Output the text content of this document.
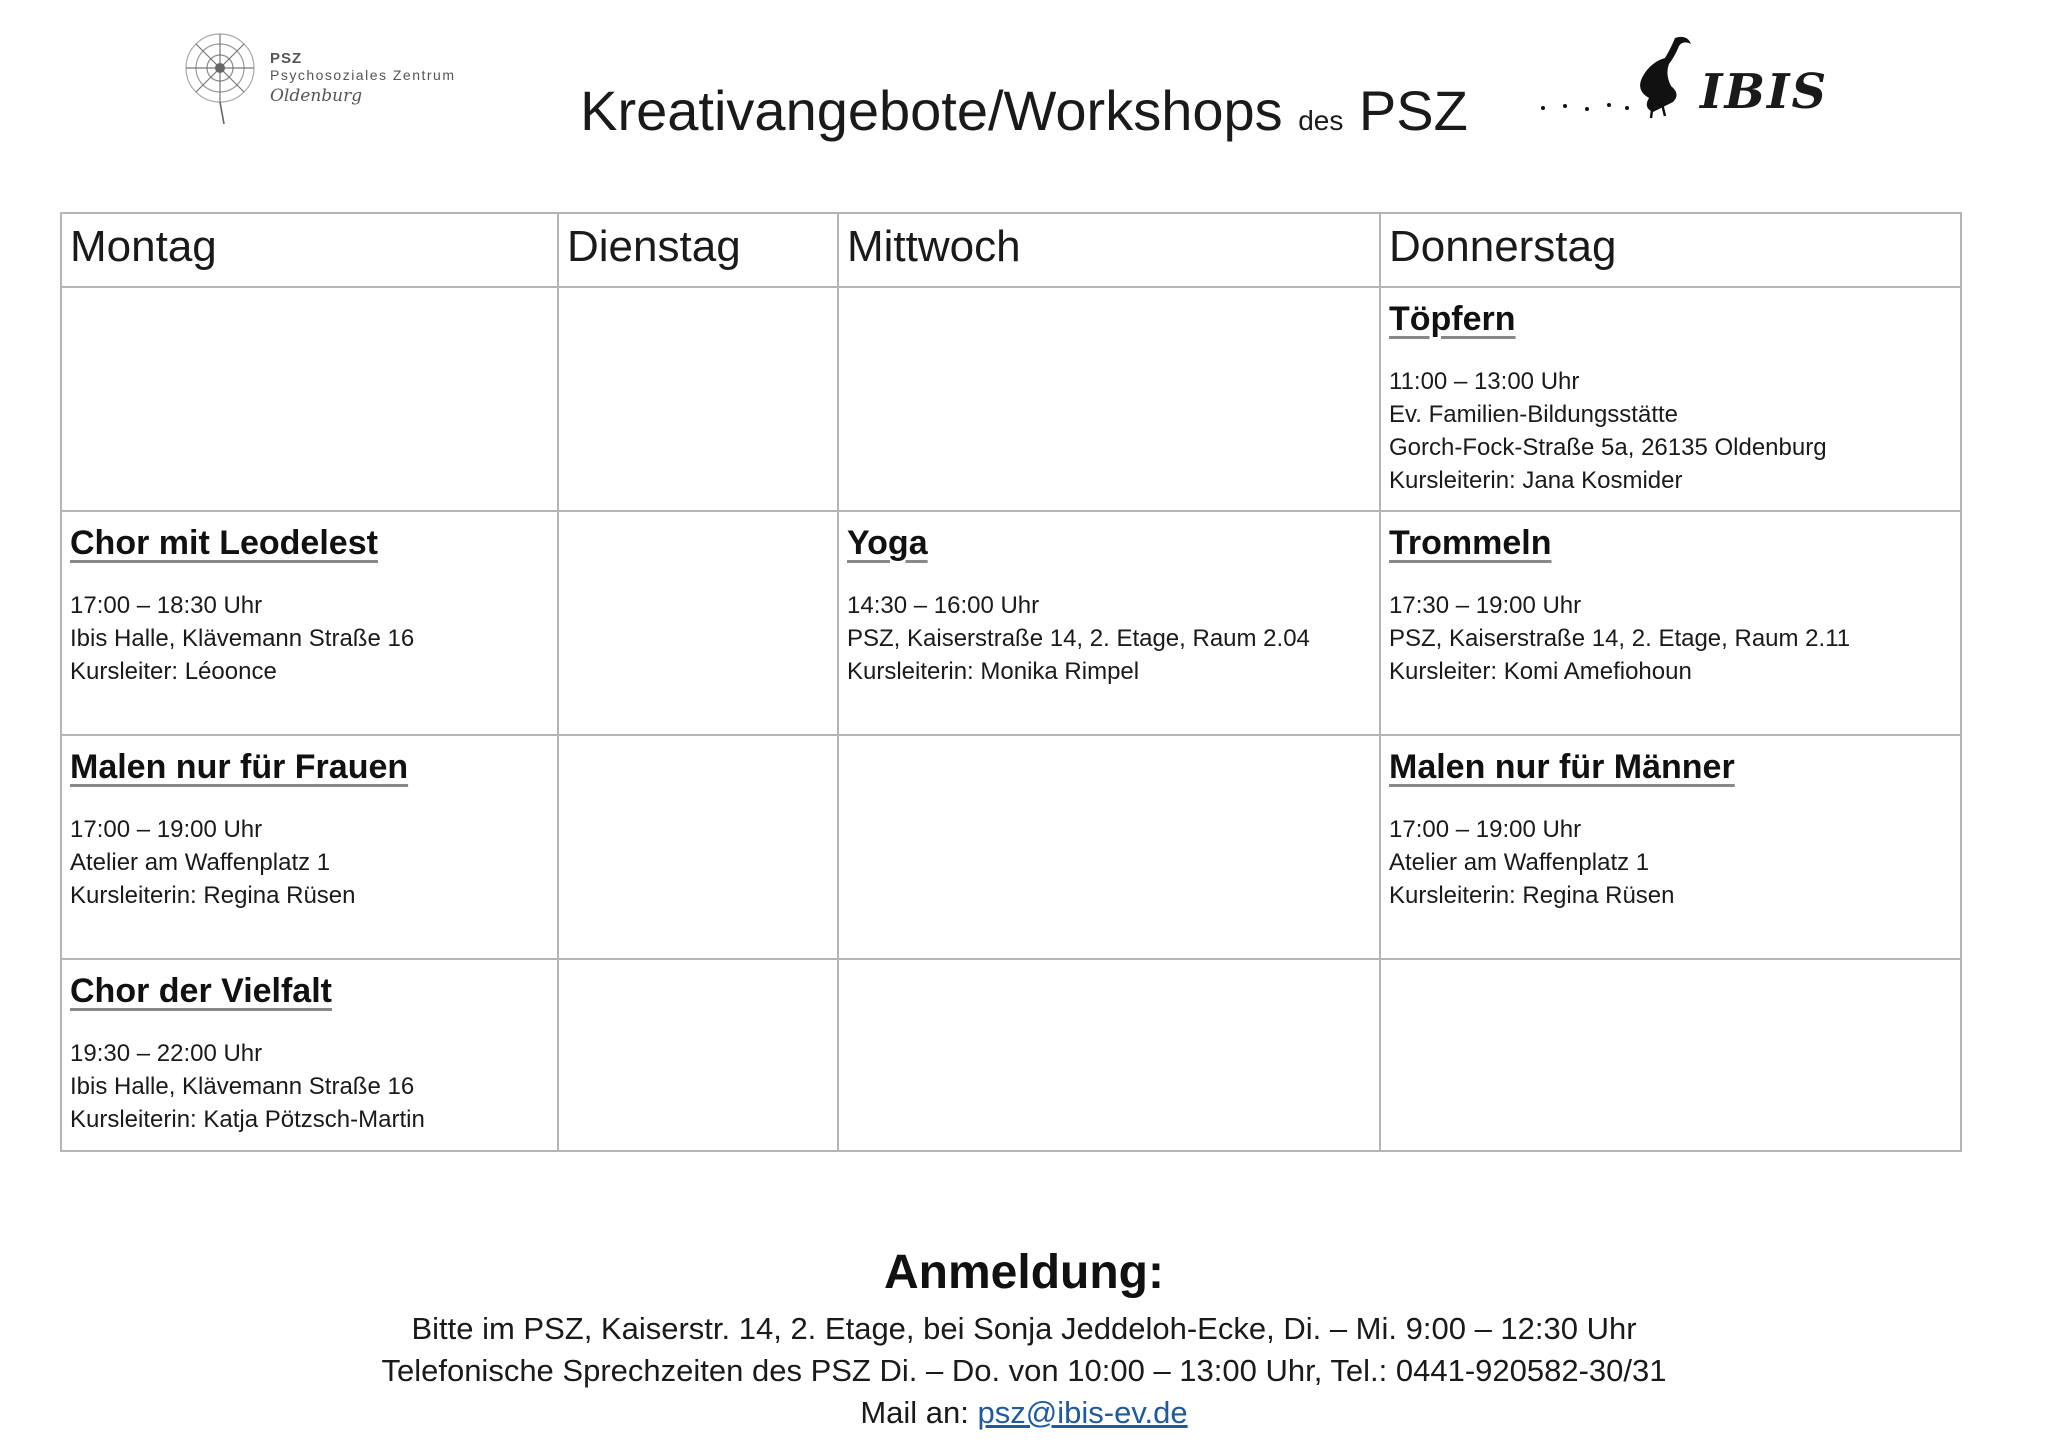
PSZ
Psychosoziales Zentrum
Oldenburg	Kreativangebote/Workshops des PSZ	IBIS
Montag	Dienstag	Mittwoch	Donnerstag

			Töpfern
11:00 – 13:00 Uhr
Ev. Familien-Bildungsstätte
Gorch-Fock-Straße 5a, 26135 Oldenburg
Kursleiterin: Jana Kosmider

Chor mit Leodelest
17:00 – 18:30 Uhr
Ibis Halle, Klävemann Straße 16
Kursleiter: Léoonce		Yoga
14:30 – 16:00 Uhr
PSZ, Kaiserstraße 14, 2. Etage, Raum 2.04
Kursleiterin: Monika Rimpel	Trommeln
17:30 – 19:00 Uhr
PSZ, Kaiserstraße 14, 2. Etage, Raum 2.11
Kursleiter: Komi Amefiohoun

Malen nur für Frauen
17:00 – 19:00 Uhr
Atelier am Waffenplatz 1
Kursleiterin: Regina Rüsen			Malen nur für Männer
17:00 – 19:00 Uhr
Atelier am Waffenplatz 1
Kursleiterin: Regina Rüsen

Chor der Vielfalt
19:30 – 22:00 Uhr
Ibis Halle, Klävemann Straße 16
Kursleiterin: Katja Pötzsch-Martin			

Anmeldung:
Bitte im PSZ, Kaiserstr. 14, 2. Etage, bei Sonja Jeddeloh-Ecke, Di. – Mi. 9:00 – 12:30 Uhr
Telefonische Sprechzeiten des PSZ Di. – Do. von 10:00 – 13:00 Uhr, Tel.: 0441-920582-30/31
Mail an: psz@ibis-ev.de
